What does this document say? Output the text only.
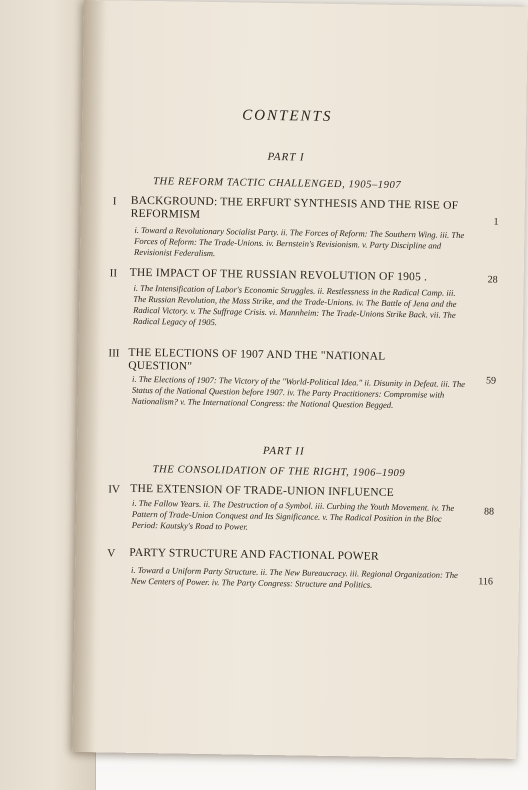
CONTENTS
PART I
THE REFORM TACTIC CHALLENGED, 1905–1907
I BACKGROUND: THE ERFURT SYNTHESIS AND THE RISE OF REFORMISM
1
i. Toward a Revolutionary Socialist Party. ii. The Forces of Reform: The Southern Wing. iii. The Forces of Reform: The Trade-Unions. iv. Bernstein's Revisionism. v. Party Discipline and Revisionist Federalism.
II THE IMPACT OF THE RUSSIAN REVOLUTION OF 1905 .	28
i. The Intensification of Labor's Economic Struggles. ii. Restlessness in the Radical Camp. iii. The Russian Revolution, the Mass Strike, and the Trade-Unions. iv. The Battle of Jena and the Radical Victory. v. The Suffrage Crisis. vi. Mannheim: The Trade-Unions Strike Back. vii. The Radical Legacy of 1905.
III THE ELECTIONS OF 1907 AND THE "NATIONAL QUESTION"
59
i. The Elections of 1907: The Victory of the "World-Political Idea." ii. Disunity in Defeat. iii. The Status of the National Question before 1907. iv. The Party Practitioners: Compromise with Nationalism? v. The International Congress: the National Question Begged.
PART II
THE CONSOLIDATION OF THE RIGHT, 1906–1909
IV THE EXTENSION OF TRADE-UNION INFLUENCE
88
i. The Fallow Years. ii. The Destruction of a Symbol. iii. Curbing the Youth Movement. iv. The Pattern of Trade-Union Conquest and Its Significance. v. The Radical Position in the Bloc Period: Kautsky's Road to Power.
V PARTY STRUCTURE AND FACTIONAL POWER
116
i. Toward a Uniform Party Structure. ii. The New Bureaucracy. iii. Regional Organization: The New Centers of Power. iv. The Party Congress: Structure and Politics.
